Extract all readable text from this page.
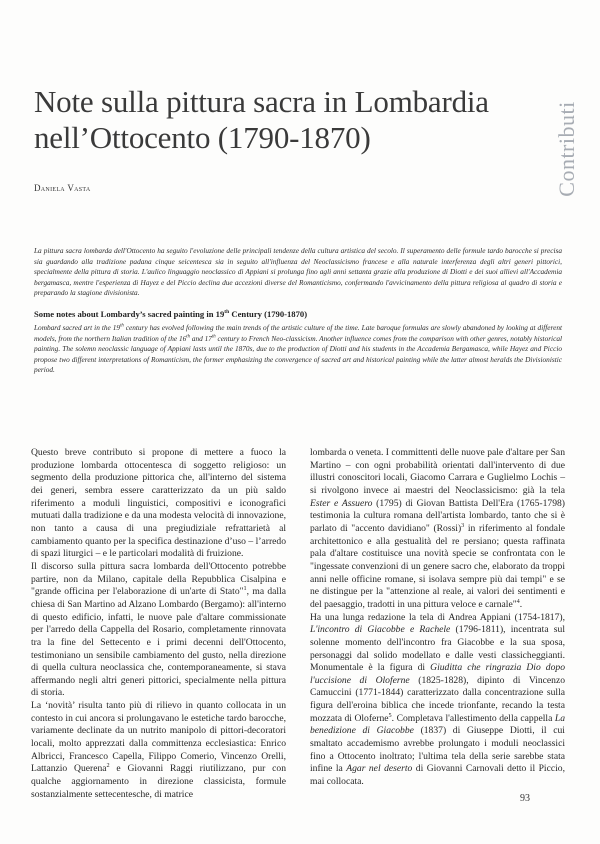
Note sulla pittura sacra in Lombardia
nell’Ottocento (1790-1870)
Daniela Vasta	Contributi

La pittura sacra lombarda dell'Ottocento ha seguito l'evoluzione delle principali tendenze della cultura artistica del secolo. Il superamento delle formule tardo barocche si precisa sia guardando alla tradizione padana cinque seicentesca sia in seguito all'influenza del Neoclassicismo francese e alla naturale interferenza degli altri generi pittorici, specialmente della pittura di storia. L'aulico linguaggio neoclassico di Appiani si prolunga fino agli anni settanta grazie alla produzione di Diotti e dei suoi allievi all'Accademia bergamasca, mentre l'esperienza di Hayez e del Piccio declina due accezioni diverse del Romanticismo, confermando l'avvicinamento della pittura religiosa al quadro di storia e preparando la stagione divisionista.

Some notes about Lombardy’s sacred painting in 19th Century (1790-1870)

Lombard sacred art in the 19th century has evolved following the main trends of the artistic culture of the time. Late baroque formulas are slowly abandoned by looking at different models, from the northern Italian tradition of the 16th and 17th century to French Neo-classicism. Another influence comes from the comparison with other genres, notably historical painting. The solemn neoclassic language of Appiani lasts until the 1870s, due to the production of Diotti and his students in the Accademia Bergamasca, while Hayez and Piccio propose two different interpretations of Romanticism, the former emphasizing the convergence of sacred art and historical painting while the latter almost heralds the Divisionistic period.

Questo breve contributo si propone di mettere a fuoco la produzione lombarda ottocentesca di soggetto religioso: un segmento della produzione pittorica che, all'interno del sistema dei generi, sembra essere caratterizzato da un più saldo riferimento a moduli linguistici, compositivi e iconografici mutuati dalla tradizione e da una modesta velocità di innovazione, non tanto a causa di una pregiudiziale refrattarietà al cambiamento quanto per la specifica destinazione d’uso – l’arredo di spazi liturgici – e le particolari modalità di fruizione.

Il discorso sulla pittura sacra lombarda dell'Ottocento potrebbe partire, non da Milano, capitale della Repubblica Cisalpina e "grande officina per l'elaborazione di un'arte di Stato"$^1$, ma dalla chiesa di San Martino ad Alzano Lombardo (Bergamo): all'interno di questo edificio, infatti, le nuove pale d'altare commissionate per l'arredo della Cappella del Rosario, completamente rinnovata tra la fine del Settecento e i primi decenni dell'Ottocento, testimoniano un sensibile cambiamento del gusto, nella direzione di quella cultura neoclassica che, contemporaneamente, si stava affermando negli altri generi pittorici, specialmente nella pittura di storia.

La ‘novità’ risulta tanto più di rilievo in quanto collocata in un contesto in cui ancora si prolungavano le estetiche tardo barocche, variamente declinate da un nutrito manipolo di pittori-decoratori locali, molto apprezzati dalla committenza ecclesiastica: Enrico Albricci, Francesco Capella, Filippo Comerio, Vincenzo Orelli, Lattanzio Querena$^2$ e Giovanni Raggi riutilizzano, pur con qualche aggiornamento in direzione classicista, formule sostanzialmente settecentesche, di matrice

lombarda o veneta. I committenti delle nuove pale d'altare per San Martino – con ogni probabilità orientati dall'intervento di due illustri conoscitori locali, Giacomo Carrara e Guglielmo Lochis – si rivolgono invece ai maestri del Neoclassicismo: già la tela Ester e Assuero (1795) di Giovan Battista Dell'Era (1765-1798) testimonia la cultura romana dell'artista lombardo, tanto che si è parlato di "accento davidiano" (Rossi)$^3$ in riferimento al fondale architettonico e alla gestualità del re persiano; questa raffinata pala d'altare costituisce una novità specie se confrontata con le "ingessate convenzioni di un genere sacro che, elaborato da troppi anni nelle officine romane, si isolava sempre più dai tempi" e se ne distingue per la "attenzione al reale, ai valori dei sentimenti e del paesaggio, tradotti in una pittura veloce e carnale"$^4$.

Ha una lunga redazione la tela di Andrea Appiani (1754-1817), L'incontro di Giacobbe e Rachele (1796-1811), incentrata sul solenne momento dell'incontro fra Giacobbe e la sua sposa, personaggi dal solido modellato e dalle vesti classicheggianti. Monumentale è la figura di Giuditta che ringrazia Dio dopo l'uccisione di Oloferne (1825-1828), dipinto di Vincenzo Camuccini (1771-1844) caratterizzato dalla concentrazione sulla figura dell'eroina biblica che incede trionfante, recando la testa mozzata di Oloferne$^5$. Completava l'allestimento della cappella La benedizione di Giacobbe (1837) di Giuseppe Diotti, il cui smaltato accademismo avrebbe prolungato i moduli neoclassici fino a Ottocento inoltrato; l'ultima tela della serie sarebbe stata infine la Agar nel deserto di Giovanni Carnovali detto il Piccio, mai collocata.

93
